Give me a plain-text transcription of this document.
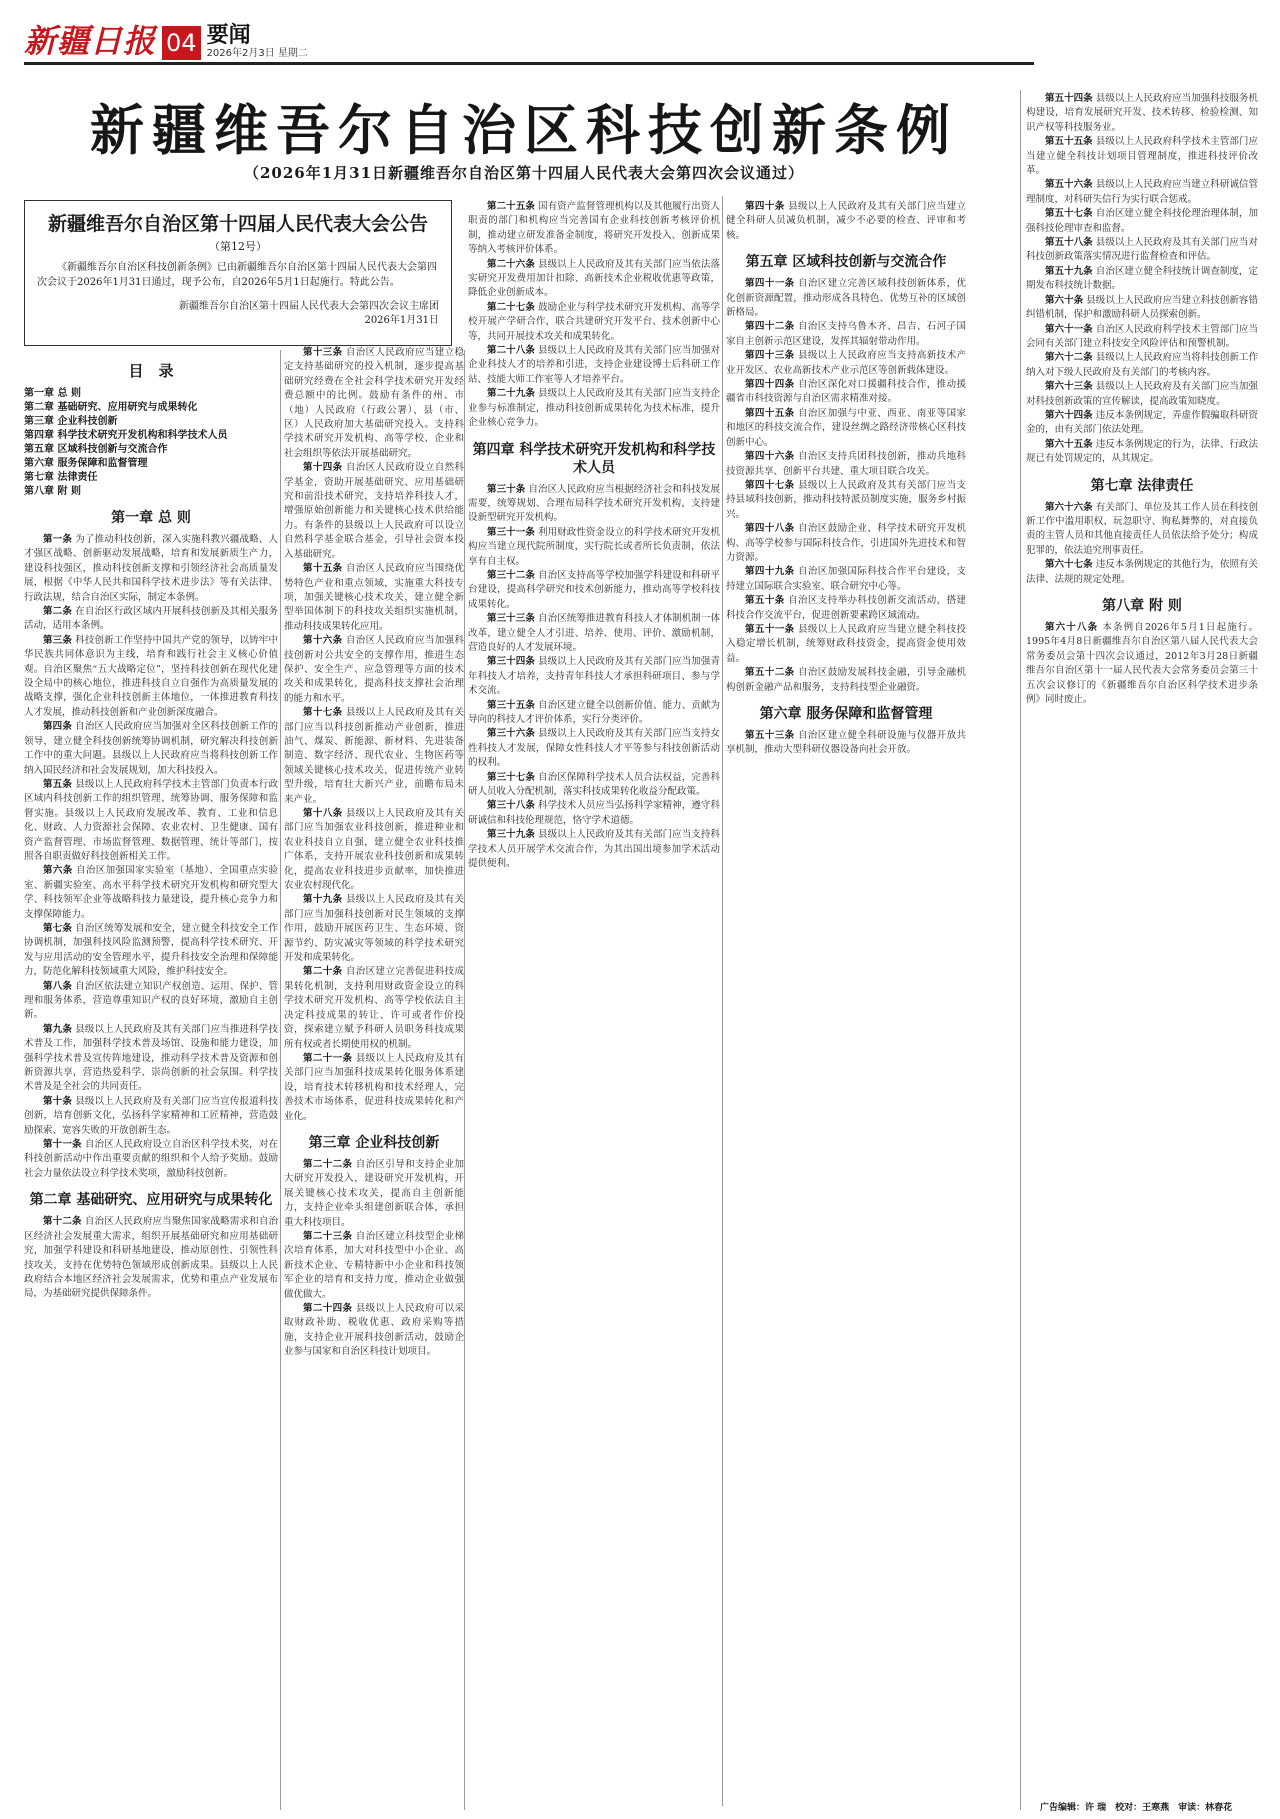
新疆日报 04 要闻
2026年2月3日 星期二
新疆维吾尔自治区科技创新条例
（2026年1月31日新疆维吾尔自治区第十四届人民代表大会第四次会议通过）
新疆维吾尔自治区第十四届人民代表大会公告
（第12号）
《新疆维吾尔自治区科技创新条例》已由新疆维吾尔自治区第十四届人民代表大会第四次会议于2026年1月31日通过，现予公布，自2026年5月1日起施行。特此公告。
新疆维吾尔自治区第十四届人民代表大会第四次会议主席团
2026年1月31日
目　录
第一章 总 则
第二章 基础研究、应用研究与成果转化
第三章 企业科技创新
第四章 科学技术研究开发机构和科学技术人员
第五章 区域科技创新与交流合作
第六章 服务保障和监督管理
第七章 法律责任
第八章 附 则
第一章 总 则

第一条 为了推动科技创新，深入实施科教兴疆战略、人才强区战略、创新驱动发展战略，培育和发展新质生产力，建设科技强区，推动科技创新支撑和引领经济社会高质量发展，根据《中华人民共和国科学技术进步法》等有关法律、行政法规，结合自治区实际，制定本条例。

第二条 在自治区行政区域内开展科技创新及其相关服务活动，适用本条例。

第三条 科技创新工作坚持中国共产党的领导，以铸牢中华民族共同体意识为主线，培育和践行社会主义核心价值观。自治区聚焦“五大战略定位”，坚持科技创新在现代化建设全局中的核心地位，推进科技自立自强作为高质量发展的战略支撑，强化企业科技创新主体地位，一体推进教育科技人才发展，推动科技创新和产业创新深度融合。

第四条 自治区人民政府应当加强对全区科技创新工作的领导，建立健全科技创新统筹协调机制，研究解决科技创新工作中的重大问题。县级以上人民政府应当将科技创新工作纳入国民经济和社会发展规划，加大科技投入。

第五条 县级以上人民政府科学技术主管部门负责本行政区域内科技创新工作的组织管理、统筹协调、服务保障和监督实施。县级以上人民政府发展改革、教育、工业和信息化、财政、人力资源社会保障、农业农村、卫生健康、国有资产监督管理、市场监督管理、数据管理、统计等部门，按照各自职责做好科技创新相关工作。

第六条 自治区加强国家实验室（基地）、全国重点实验室、新疆实验室、高水平科学技术研究开发机构和研究型大学、科技领军企业等战略科技力量建设，提升核心竞争力和支撑保障能力。

第七条 自治区统筹发展和安全，建立健全科技安全工作协调机制，加强科技风险监测预警，提高科学技术研究、开发与应用活动的安全管理水平，提升科技安全治理和保障能力，防范化解科技领域重大风险，维护科技安全。

第八条 自治区依法建立知识产权创造、运用、保护、管理和服务体系，营造尊重知识产权的良好环境，激励自主创新。

第九条 县级以上人民政府及其有关部门应当推进科学技术普及工作，加强科学技术普及场馆、设施和能力建设，加强科学技术普及宣传阵地建设，推动科学技术普及资源和创新资源共享，营造热爱科学、崇尚创新的社会氛围。科学技术普及是全社会的共同责任。

第十条 县级以上人民政府及有关部门应当宣传报道科技创新，培育创新文化，弘扬科学家精神和工匠精神，营造鼓励探索、宽容失败的开放创新生态。

第十一条 自治区人民政府设立自治区科学技术奖，对在科技创新活动中作出重要贡献的组织和个人给予奖励。鼓励社会力量依法设立科学技术奖项，激励科技创新。

第二章 基础研究、应用研究与成果转化

第十二条 自治区人民政府应当聚焦国家战略需求和自治区经济社会发展重大需求，组织开展基础研究和应用基础研究，加强学科建设和科研基地建设，推动原创性、引领性科技攻关，支持在优势特色领域形成创新成果。县级以上人民政府结合本地区经济社会发展需求，优势和重点产业发展布局，为基础研究提供保障条件。

第十三条 自治区人民政府应当建立稳定支持基础研究的投入机制，逐步提高基础研究经费在全社会科学技术研究开发经费总额中的比例。鼓励有条件的州、市（地）人民政府（行政公署）、县（市、区）人民政府加大基础研究投入。支持科学技术研究开发机构、高等学校、企业和社会组织等依法开展基础研究。

第十四条 自治区人民政府设立自然科学基金，资助开展基础研究、应用基础研究和前沿技术研究，支持培养科技人才，增强原始创新能力和关键核心技术供给能力。有条件的县级以上人民政府可以设立自然科学基金联合基金，引导社会资本投入基础研究。

第十五条 自治区人民政府应当围绕优势特色产业和重点领域，实施重大科技专项，加强关键核心技术攻关，建立健全新型举国体制下的科技攻关组织实施机制，推动科技成果转化应用。

第十六条 自治区人民政府应当加强科技创新对公共安全的支撑作用，推进生态保护、安全生产、应急管理等方面的技术攻关和成果转化，提高科技支撑社会治理的能力和水平。

第十七条 县级以上人民政府及其有关部门应当以科技创新推动产业创新，推进油气、煤炭、新能源、新材料、先进装备制造、数字经济、现代农业、生物医药等领域关键核心技术攻关，促进传统产业转型升级，培育壮大新兴产业，前瞻布局未来产业。

第十八条 县级以上人民政府及其有关部门应当加强农业科技创新，推进种业和农业科技自立自强，建立健全农业科技推广体系，支持开展农业科技创新和成果转化，提高农业科技进步贡献率，加快推进农业农村现代化。

第十九条 县级以上人民政府及其有关部门应当加强科技创新对民生领域的支撑作用，鼓励开展医药卫生、生态环境、资源节约、防灾减灾等领域的科学技术研究开发和成果转化。

第二十条 自治区建立完善促进科技成果转化机制，支持利用财政资金设立的科学技术研究开发机构、高等学校依法自主决定科技成果的转让、许可或者作价投资，探索建立赋予科研人员职务科技成果所有权或者长期使用权的机制。

第二十一条 县级以上人民政府及其有关部门应当加强科技成果转化服务体系建设，培育技术转移机构和技术经理人，完善技术市场体系，促进科技成果转化和产业化。

第三章 企业科技创新

第二十二条 自治区引导和支持企业加大研究开发投入，建设研究开发机构，开展关键核心技术攻关，提高自主创新能力，支持企业牵头组建创新联合体，承担重大科技项目。

第二十三条 自治区建立科技型企业梯次培育体系，加大对科技型中小企业、高新技术企业、专精特新中小企业和科技领军企业的培育和支持力度，推动企业做强做优做大。

第二十四条 县级以上人民政府可以采取财政补助、税收优惠、政府采购等措施，支持企业开展科技创新活动，鼓励企业参与国家和自治区科技计划项目。

第二十五条 国有资产监督管理机构以及其他履行出资人职责的部门和机构应当完善国有企业科技创新考核评价机制，推动建立研发准备金制度，将研究开发投入、创新成果等纳入考核评价体系。

第二十六条 县级以上人民政府及其有关部门应当依法落实研究开发费用加计扣除、高新技术企业税收优惠等政策，降低企业创新成本。

第二十七条 鼓励企业与科学技术研究开发机构、高等学校开展产学研合作，联合共建研究开发平台、技术创新中心等，共同开展技术攻关和成果转化。

第二十八条 县级以上人民政府及其有关部门应当加强对企业科技人才的培养和引进，支持企业建设博士后科研工作站、技能大师工作室等人才培养平台。

第二十九条 县级以上人民政府及其有关部门应当支持企业参与标准制定，推动科技创新成果转化为技术标准，提升企业核心竞争力。

第四章 科学技术研究开发机构和科学技术人员

第三十条 自治区人民政府应当根据经济社会和科技发展需要，统筹规划、合理布局科学技术研究开发机构，支持建设新型研究开发机构。

第三十一条 利用财政性资金设立的科学技术研究开发机构应当建立现代院所制度，实行院长或者所长负责制，依法享有自主权。

第三十二条 自治区支持高等学校加强学科建设和科研平台建设，提高科学研究和技术创新能力，推动高等学校科技成果转化。

第三十三条 自治区统筹推进教育科技人才体制机制一体改革，建立健全人才引进、培养、使用、评价、激励机制，营造良好的人才发展环境。

第三十四条 县级以上人民政府及其有关部门应当加强青年科技人才培养，支持青年科技人才承担科研项目、参与学术交流。

第三十五条 自治区建立健全以创新价值、能力、贡献为导向的科技人才评价体系，实行分类评价。

第三十六条 县级以上人民政府及其有关部门应当支持女性科技人才发展，保障女性科技人才平等参与科技创新活动的权利。

第三十七条 自治区保障科学技术人员合法权益，完善科研人员收入分配机制，落实科技成果转化收益分配政策。

第三十八条 科学技术人员应当弘扬科学家精神，遵守科研诚信和科技伦理规范，恪守学术道德。

第三十九条 县级以上人民政府及其有关部门应当支持科学技术人员开展学术交流合作，为其出国出境参加学术活动提供便利。

第四十条 县级以上人民政府及其有关部门应当建立健全科研人员减负机制，减少不必要的检查、评审和考核。

第五章 区域科技创新与交流合作

第四十一条 自治区建立完善区域科技创新体系，优化创新资源配置，推动形成各具特色、优势互补的区域创新格局。

第四十二条 自治区支持乌鲁木齐、昌吉、石河子国家自主创新示范区建设，发挥其辐射带动作用。

第四十三条 县级以上人民政府应当支持高新技术产业开发区、农业高新技术产业示范区等创新载体建设。

第四十四条 自治区深化对口援疆科技合作，推动援疆省市科技资源与自治区需求精准对接。

第四十五条 自治区加强与中亚、西亚、南亚等国家和地区的科技交流合作，建设丝绸之路经济带核心区科技创新中心。

第四十六条 自治区支持兵团科技创新，推动兵地科技资源共享、创新平台共建、重大项目联合攻关。

第四十七条 县级以上人民政府及其有关部门应当支持县域科技创新，推动科技特派员制度实施，服务乡村振兴。

第四十八条 自治区鼓励企业、科学技术研究开发机构、高等学校参与国际科技合作，引进国外先进技术和智力资源。

第四十九条 自治区加强国际科技合作平台建设，支持建立国际联合实验室、联合研究中心等。

第五十条 自治区支持举办科技创新交流活动，搭建科技合作交流平台，促进创新要素跨区域流动。

第五十一条 县级以上人民政府应当建立健全科技投入稳定增长机制，统筹财政科技资金，提高资金使用效益。

第五十二条 自治区鼓励发展科技金融，引导金融机构创新金融产品和服务，支持科技型企业融资。

第六章 服务保障和监督管理

第五十三条 自治区建立健全科研设施与仪器开放共享机制，推动大型科研仪器设备向社会开放。

第五十四条 县级以上人民政府应当加强科技服务机构建设，培育发展研究开发、技术转移、检验检测、知识产权等科技服务业。

第五十五条 县级以上人民政府科学技术主管部门应当建立健全科技计划项目管理制度，推进科技评价改革。

第五十六条 县级以上人民政府应当建立科研诚信管理制度，对科研失信行为实行联合惩戒。

第五十七条 自治区建立健全科技伦理治理体制，加强科技伦理审查和监督。

第五十八条 县级以上人民政府及其有关部门应当对科技创新政策落实情况进行监督检查和评估。

第五十九条 自治区建立健全科技统计调查制度，定期发布科技统计数据。

第六十条 县级以上人民政府应当建立科技创新容错纠错机制，保护和激励科研人员探索创新。

第六十一条 自治区人民政府科学技术主管部门应当会同有关部门建立科技安全风险评估和预警机制。

第六十二条 县级以上人民政府应当将科技创新工作纳入对下级人民政府及有关部门的考核内容。

第六十三条 县级以上人民政府及有关部门应当加强对科技创新政策的宣传解读，提高政策知晓度。

第六十四条 违反本条例规定，弄虚作假骗取科研资金的，由有关部门依法处理。

第六十五条 违反本条例规定的行为，法律、行政法规已有处罚规定的，从其规定。

第七章 法律责任

第六十六条 有关部门、单位及其工作人员在科技创新工作中滥用职权、玩忽职守、徇私舞弊的，对直接负责的主管人员和其他直接责任人员依法给予处分；构成犯罪的，依法追究刑事责任。

第六十七条 违反本条例规定的其他行为，依照有关法律、法规的规定处理。

第八章 附 则

第六十八条 本条例自2026年5月1日起施行。1995年4月8日新疆维吾尔自治区第八届人民代表大会常务委员会第十四次会议通过，2012年3月28日新疆维吾尔自治区第十一届人民代表大会常务委员会第三十五次会议修订的《新疆维吾尔自治区科学技术进步条例》同时废止。

广告编辑：许 瑞　校对：王寒燕　审读：林春花
